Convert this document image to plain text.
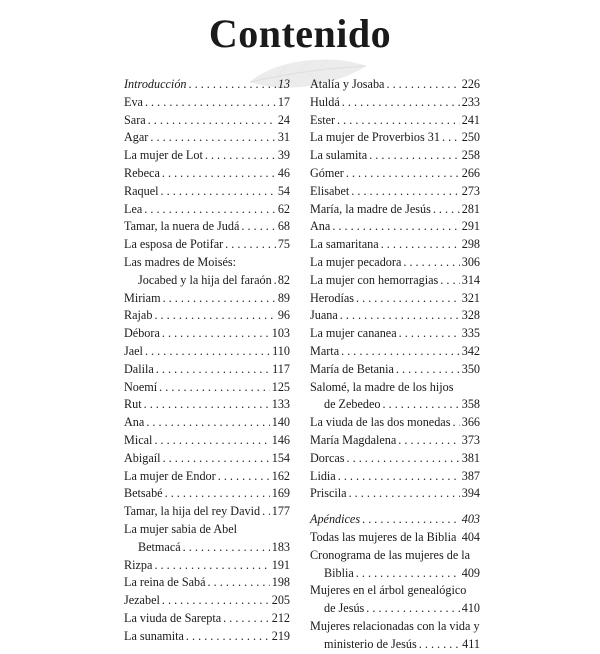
Contenido
Introducción . . .	13
Eva . . .	17
Sara . . .	24
Agar . . .	31
La mujer de Lot . . .	39
Rebeca . . .	46
Raquel . . .	54
Lea . . .	62
Tamar, la nuera de Judá . . .	68
La esposa de Potifar . . .	75
Las madres de Moisés:
Jocabed y la hija del faraón . . . 82
Miriam . . .	89
Rajab . . .	96
Débora . . .	103
Jael . . .	110
Dalila . . .	117
Noemí . . .	125
Rut . . .	133
Ana . . .	140
Mical . . .	146
Abigaíl . . .	154
La mujer de Endor . . .	162
Betsabé . . .	169
Tamar, la hija del rey David . . . 177
La mujer sabia de Abel
Betmacá . . .	183
Rizpa . . .	191
La reina de Sabá . . .	198
Jezabel . . .	205
La viuda de Sarepta . . .	212
La sunamita . . .	219
Atalía y Josaba . . .	226
Huldá . . .	233
Ester . . .	241
La mujer de Proverbios 31 . . . 250
La sulamita . . .	258
Gómer . . .	266
Elisabet . . .	273
María, la madre de Jesús . . .	281
Ana . . .	291
La samaritana . . .	298
La mujer pecadora . . .	306
La mujer con hemorragias . . . 314
Herodías . . .	321
Juana . . .	328
La mujer cananea . . .	335
Marta . . .	342
María de Betania . . .	350
Salomé, la madre de los hijos
de Zebedeo . . .	358
La viuda de las dos monedas . . . 366
María Magdalena . . .	373
Dorcas . . .	381
Lidia . . .	387
Priscila . . .	394
Apéndices . . .	403
Todas las mujeres de la Biblia 404
Cronograma de las mujeres de la
Biblia . . .	409
Mujeres en el árbol genealógico
de Jesús . . .	410
Mujeres relacionadas con la vida y
ministerio de Jesús . . .	411
